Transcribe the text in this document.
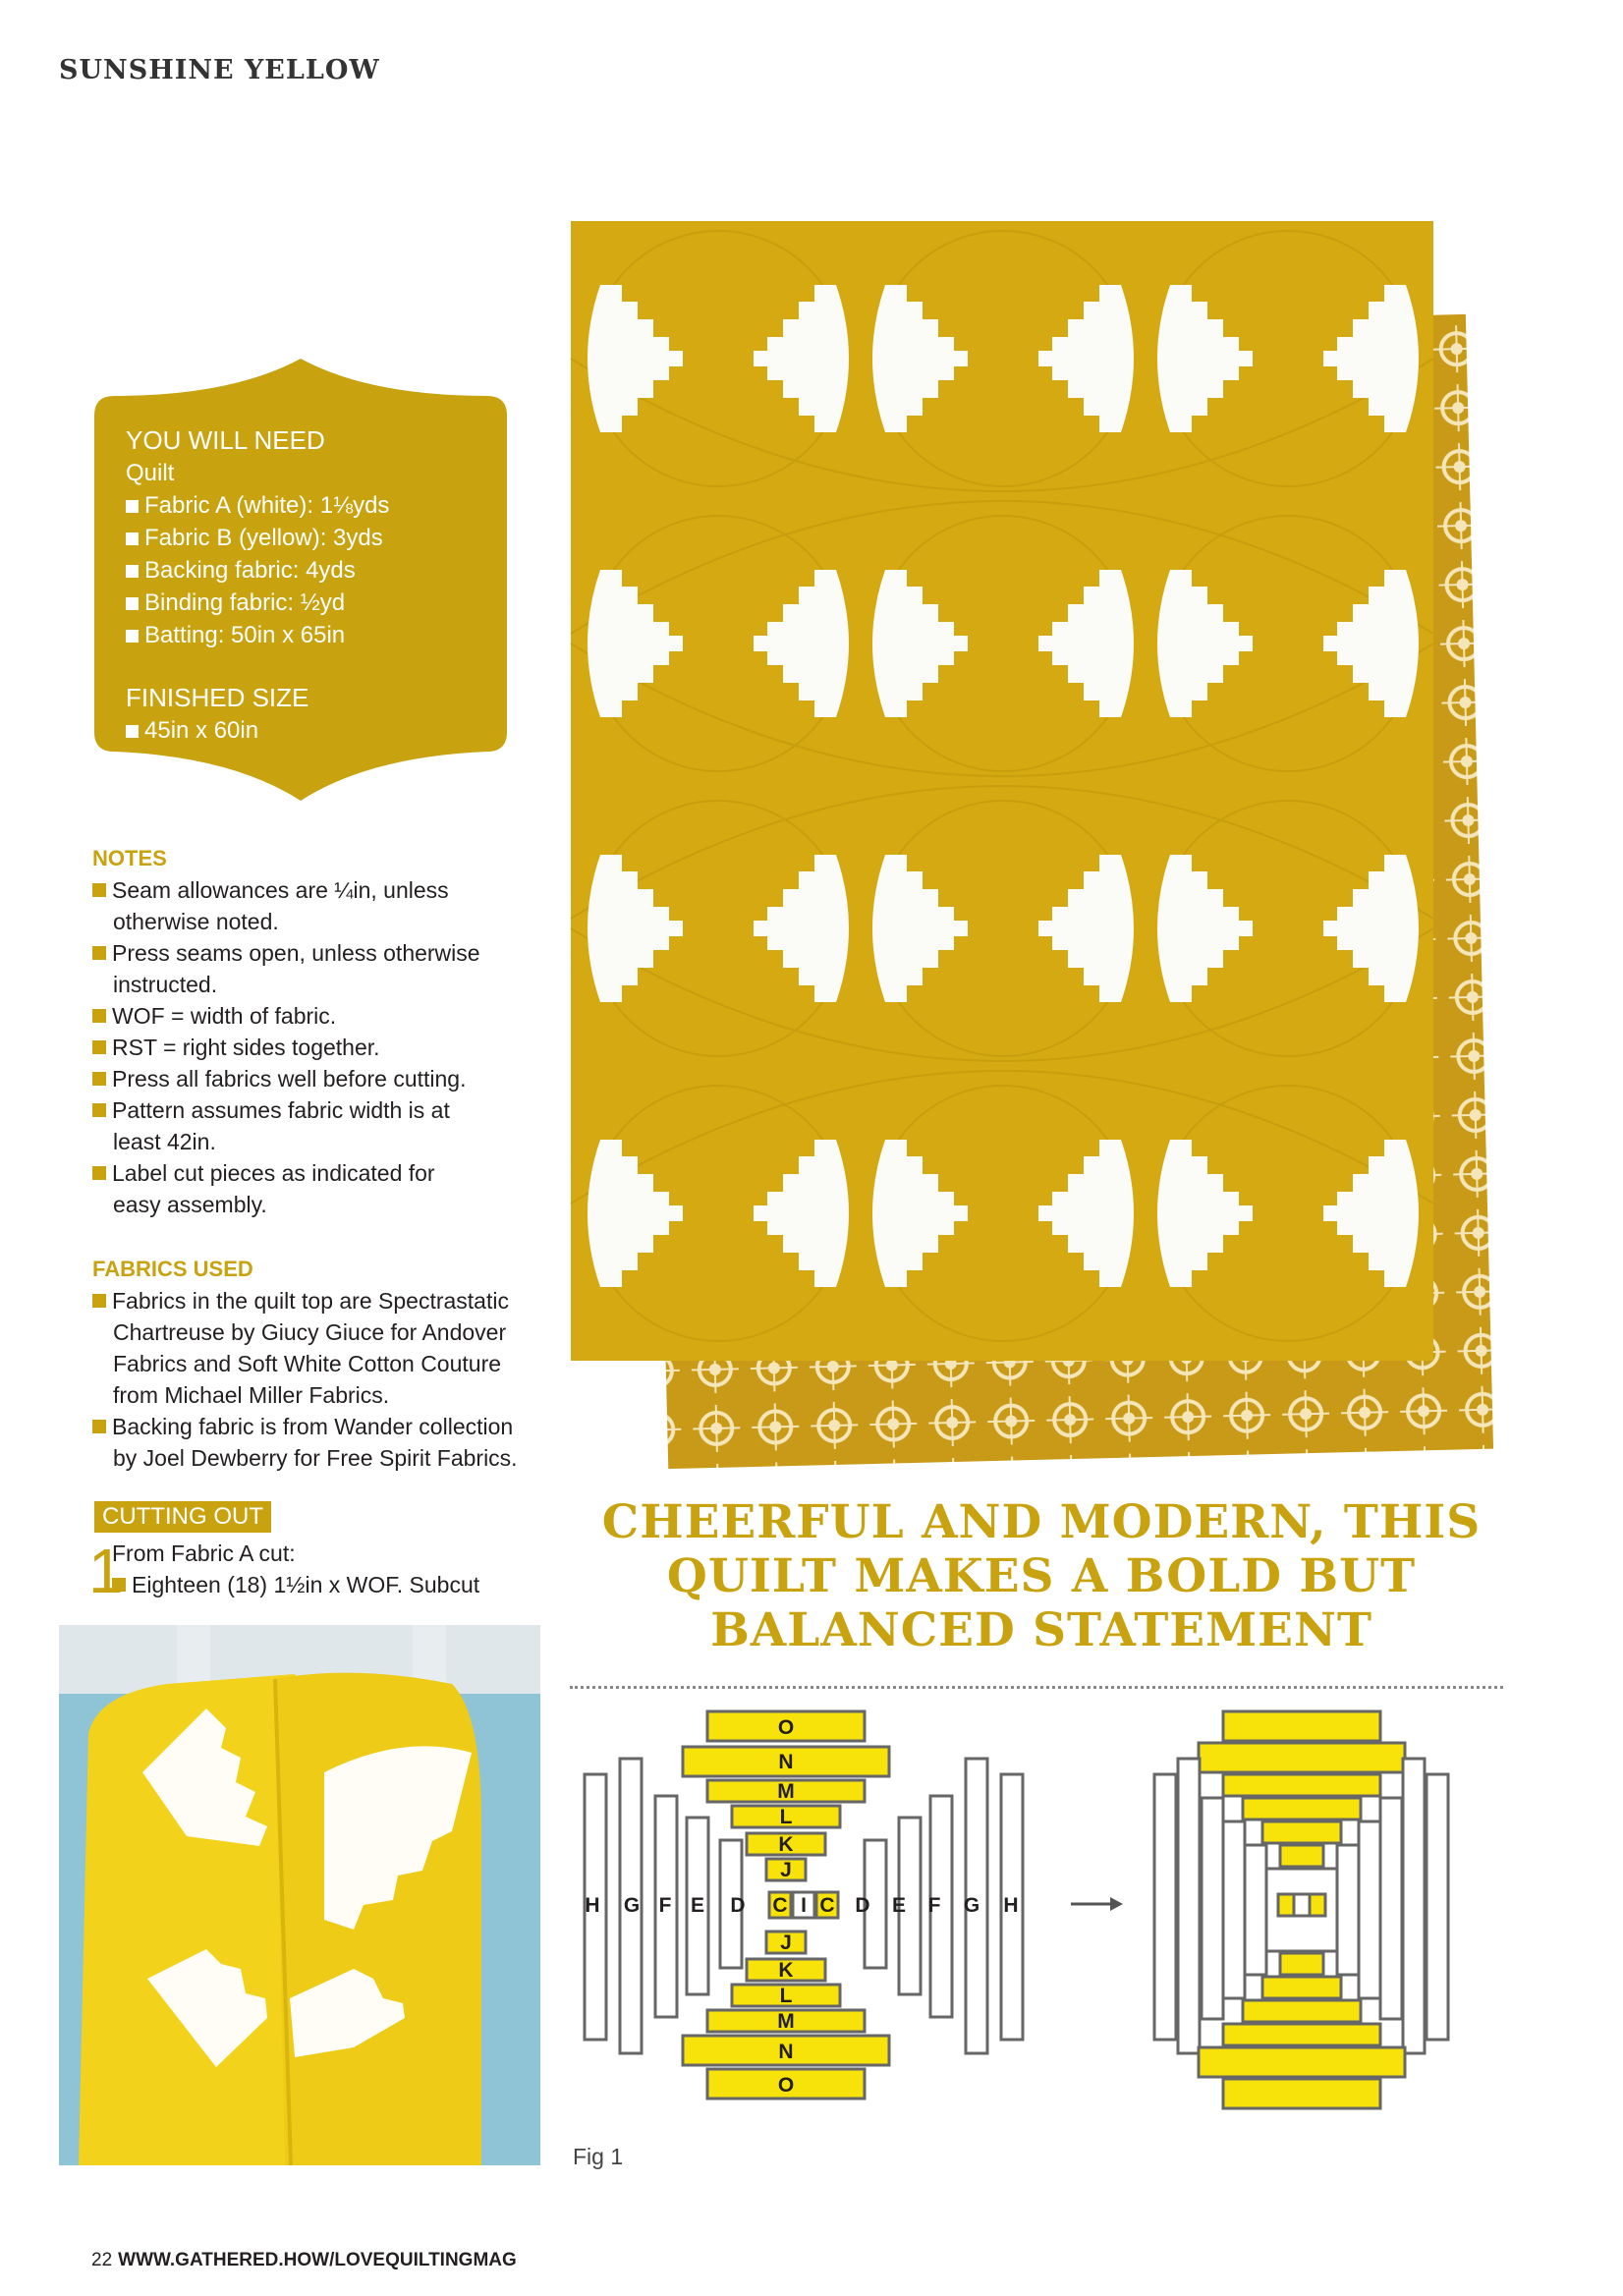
SUNSHINE YELLOW
YOU WILL NEED
Quilt
Fabric A (white): 1⅛yds
Fabric B (yellow): 3yds
Backing fabric: 4yds
Binding fabric: ½yd
Batting: 50in x 65in
FINISHED SIZE
45in x 60in
NOTES
Seam allowances are ¼in, unless
otherwise noted.
Press seams open, unless otherwise
instructed.
WOF = width of fabric.
RST = right sides together.
Press all fabrics well before cutting.
Pattern assumes fabric width is at
least 42in.
Label cut pieces as indicated for
easy assembly.
FABRICS USED
Fabrics in the quilt top are Spectrastatic
Chartreuse by Giucy Giuce for Andover
Fabrics and Soft White Cotton Couture
from Michael Miller Fabrics.
Backing fabric is from Wander collection
by Joel Dewberry for Free Spirit Fabrics.
CUTTING OUT
1
From Fabric A cut:
Eighteen (18) 1½in x WOF. Subcut
CHEERFUL AND MODERN, THIS
QUILT MAKES A BOLD BUT
BALANCED STATEMENT
O
N
M
L
K
J
J
K
L
M
N
O
H G F E D C I C D E F G H
Fig 1
22 WWW.GATHERED.HOW/LOVEQUILTINGMAG
